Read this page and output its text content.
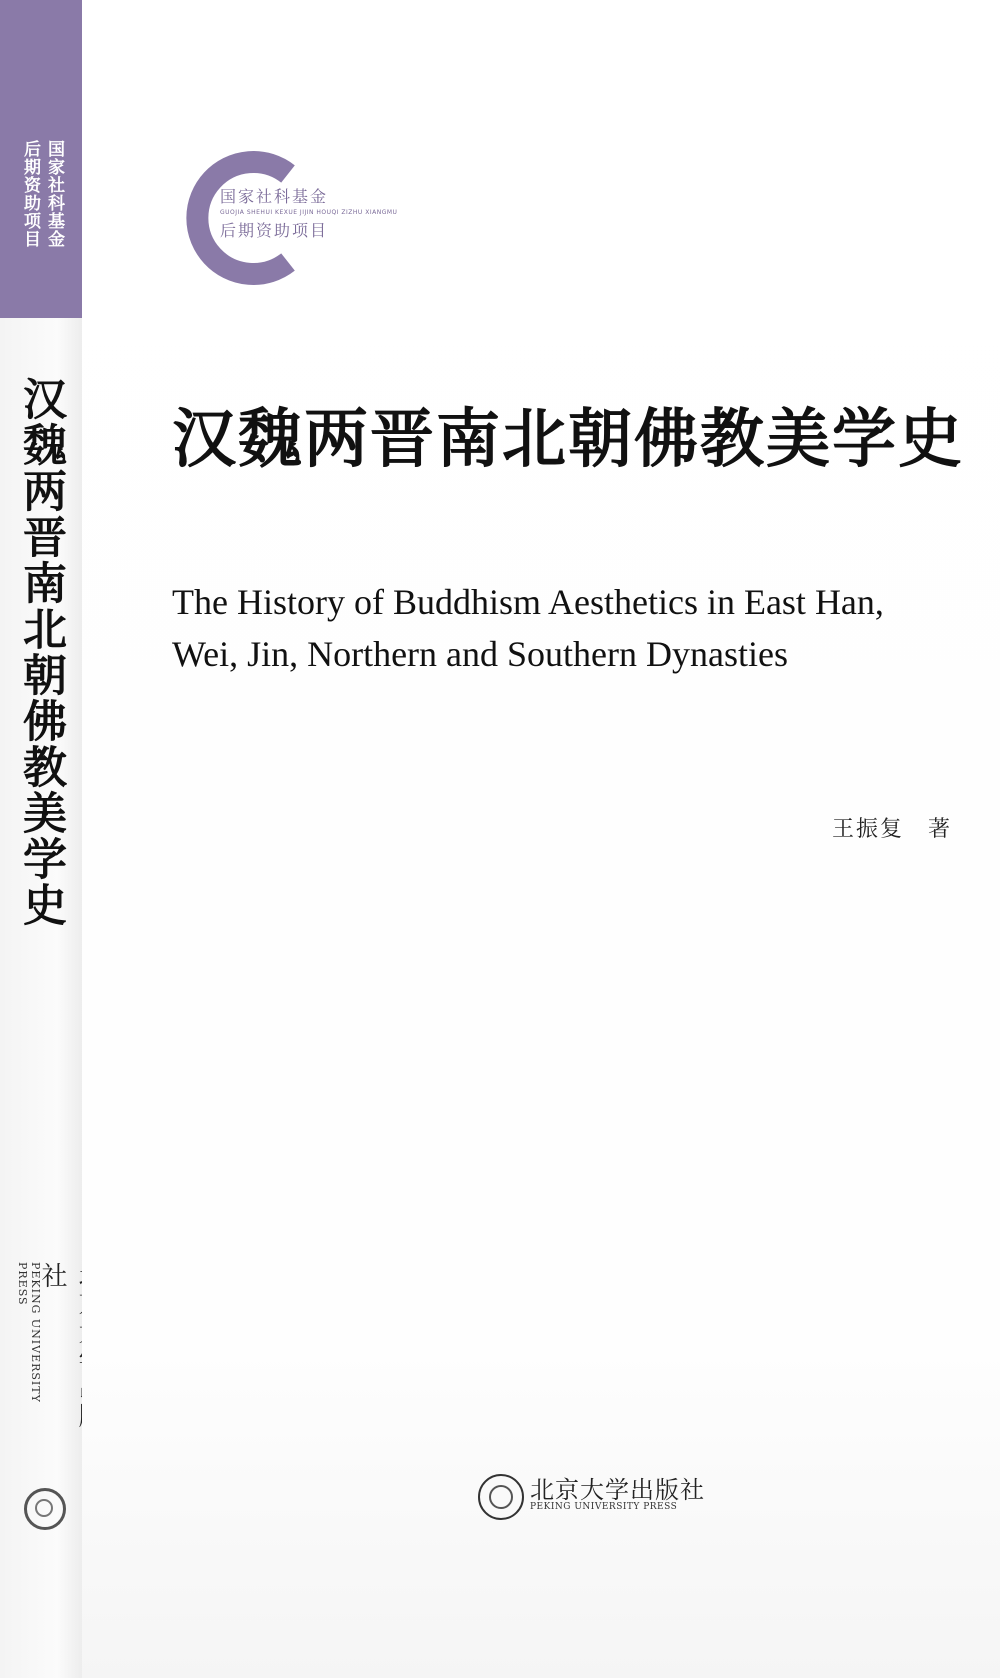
国家社科基金
后期资助项目
汉魏两晋南北朝佛教美学史
社
PEKING UNIVERSITY PRESS
国家社科基金
GUOJIA SHEHUI KEXUE JIJIN HOUQI ZIZHU XIANGMU
后期资助项目
汉魏两晋南北朝佛教美学史
The History of Buddhism Aesthetics in East Han,
Wei, Jin, Northern and Southern Dynasties
王振复　著
北京大学出版社
PEKING UNIVERSITY PRESS
